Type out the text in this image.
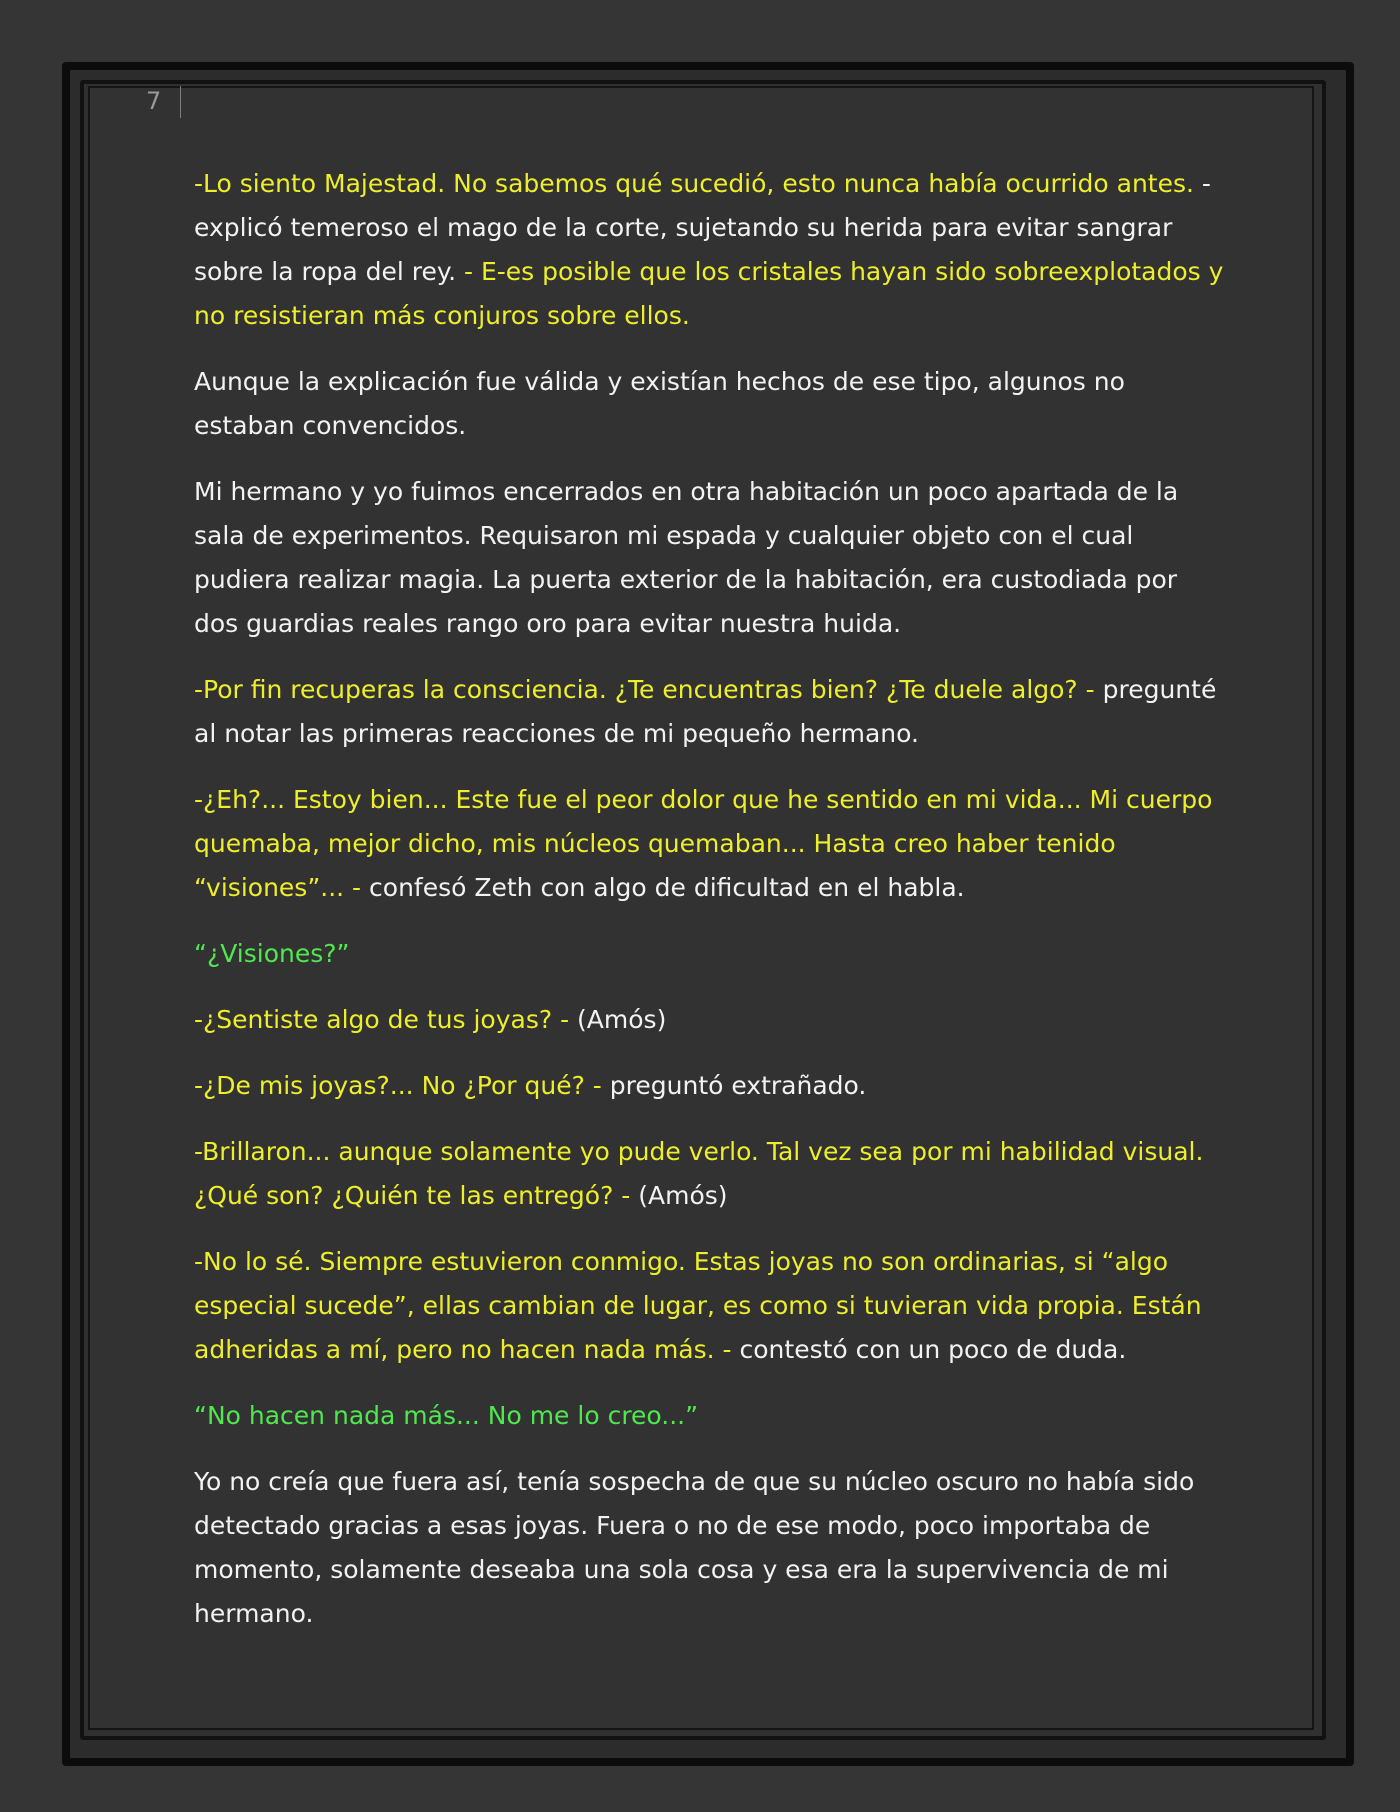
7

-Lo siento Majestad. No sabemos qué sucedió, esto nunca había ocurrido antes. - explicó temeroso el mago de la corte, sujetando su herida para evitar sangrar sobre la ropa del rey. - E-es posible que los cristales hayan sido sobreexplotados y no resistieran más conjuros sobre ellos.

Aunque la explicación fue válida y existían hechos de ese tipo, algunos no estaban convencidos.

Mi hermano y yo fuimos encerrados en otra habitación un poco apartada de la sala de experimentos. Requisaron mi espada y cualquier objeto con el cual pudiera realizar magia. La puerta exterior de la habitación, era custodiada por dos guardias reales rango oro para evitar nuestra huida.

-Por fin recuperas la consciencia. ¿Te encuentras bien? ¿Te duele algo? - pregunté al notar las primeras reacciones de mi pequeño hermano.

-¿Eh?... Estoy bien... Este fue el peor dolor que he sentido en mi vida... Mi cuerpo quemaba, mejor dicho, mis núcleos quemaban... Hasta creo haber tenido “visiones”... - confesó Zeth con algo de dificultad en el habla.

“¿Visiones?”

-¿Sentiste algo de tus joyas? - (Amós)

-¿De mis joyas?... No ¿Por qué? - preguntó extrañado.

-Brillaron... aunque solamente yo pude verlo. Tal vez sea por mi habilidad visual. ¿Qué son? ¿Quién te las entregó? - (Amós)

-No lo sé. Siempre estuvieron conmigo. Estas joyas no son ordinarias, si “algo especial sucede”, ellas cambian de lugar, es como si tuvieran vida propia. Están adheridas a mí, pero no hacen nada más. - contestó con un poco de duda.

“No hacen nada más... No me lo creo...”

Yo no creía que fuera así, tenía sospecha de que su núcleo oscuro no había sido detectado gracias a esas joyas. Fuera o no de ese modo, poco importaba de momento, solamente deseaba una sola cosa y esa era la supervivencia de mi hermano.
